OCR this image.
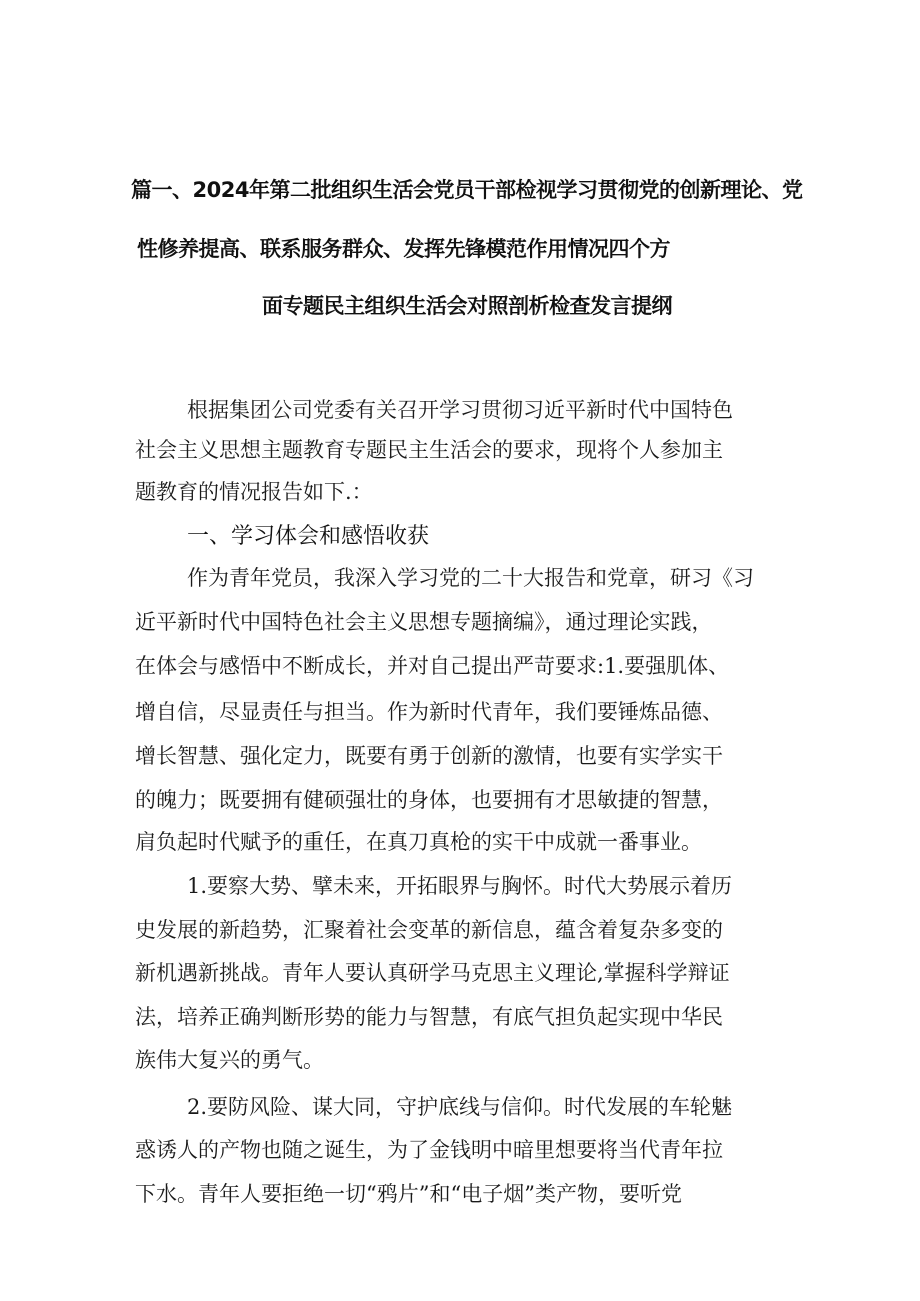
篇一、2024年第二批组织生活会党员干部检视学习贯彻党的创新理论、党
性修养提高、联系服务群众、发挥先锋模范作用情况四个方
面专题民主组织生活会对照剖析检查发言提纲
根据集团公司党委有关召开学习贯彻习近平新时代中国特色
社会主义思想主题教育专题民主生活会的要求，现将个人参加主
题教育的情况报告如下.：
一、学习体会和感悟收获
作为青年党员，我深入学习党的二十大报告和党章，研习《习
近平新时代中国特色社会主义思想专题摘编》，通过理论实践，
在体会与感悟中不断成长，并对自己提出严苛要求:1.要强肌体、
增自信，尽显责任与担当。作为新时代青年，我们要锤炼品德、
增长智慧、强化定力，既要有勇于创新的激情，也要有实学实干
的魄力；既要拥有健硕强壮的身体，也要拥有才思敏捷的智慧，
肩负起时代赋予的重任，在真刀真枪的实干中成就一番事业。
1.要察大势、擘未来，开拓眼界与胸怀。时代大势展示着历
史发展的新趋势，汇聚着社会变革的新信息，蕴含着复杂多变的
新机遇新挑战。青年人要认真研学马克思主义理论,掌握科学辩证
法，培养正确判断形势的能力与智慧，有底气担负起实现中华民
族伟大复兴的勇气。
2.要防风险、谋大同，守护底线与信仰。时代发展的车轮魅
惑诱人的产物也随之诞生，为了金钱明中暗里想要将当代青年拉
下水。青年人要拒绝一切“鸦片”和“电子烟”类产物，要听党
